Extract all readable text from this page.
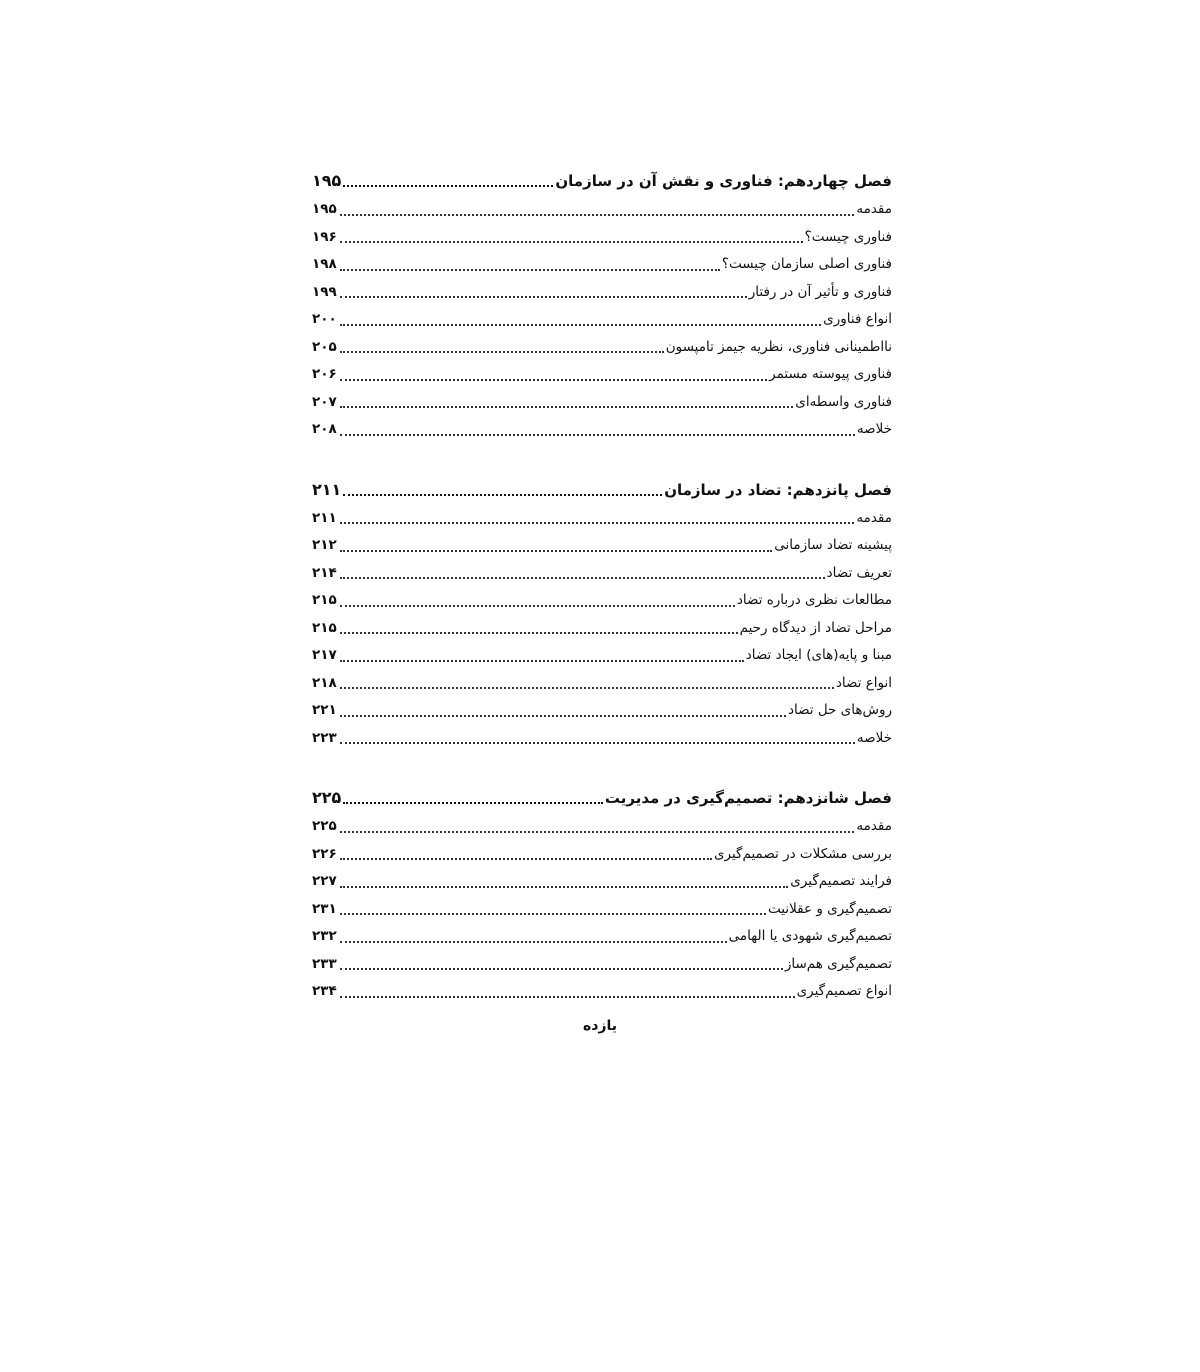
فصل چهاردهم: فناوری و نقش آن در سازمان
۱۹۵
مقدمه
۱۹۵
فناوری چیست؟
۱۹۶
فناوری اصلی سازمان چیست؟
۱۹۸
فناوری و تأثیر آن در رفتار
۱۹۹
انواع فناوری
۲۰۰
نااطمینانی فناوری، نظریه جیمز تامپسون
۲۰۵
فناوری پیوسته مستمر
۲۰۶
فناوری واسطه‌ای
۲۰۷
خلاصه
۲۰۸
فصل پانزدهم: تضاد در سازمان
۲۱۱
مقدمه
۲۱۱
پیشینه تضاد سازمانی
۲۱۲
تعریف تضاد
۲۱۴
مطالعات نظری درباره تضاد
۲۱۵
مراحل تضاد از دیدگاه رحیم
۲۱۵
مبنا و پایه(های) ایجاد تضاد
۲۱۷
انواع تضاد
۲۱۸
روش‌های حل تضاد
۲۲۱
خلاصه
۲۲۳
فصل شانزدهم: تصمیم‌گیری در مدیریت
۲۲۵
مقدمه
۲۲۵
بررسی مشکلات در تصمیم‌گیری
۲۲۶
فرایند تصمیم‌گیری
۲۲۷
تصمیم‌گیری و عقلانیت
۲۳۱
تصمیم‌گیری شهودی یا الهامی
۲۳۲
تصمیم‌گیری هم‌ساز
۲۳۳
انواع تصمیم‌گیری
۲۳۴
یازده
